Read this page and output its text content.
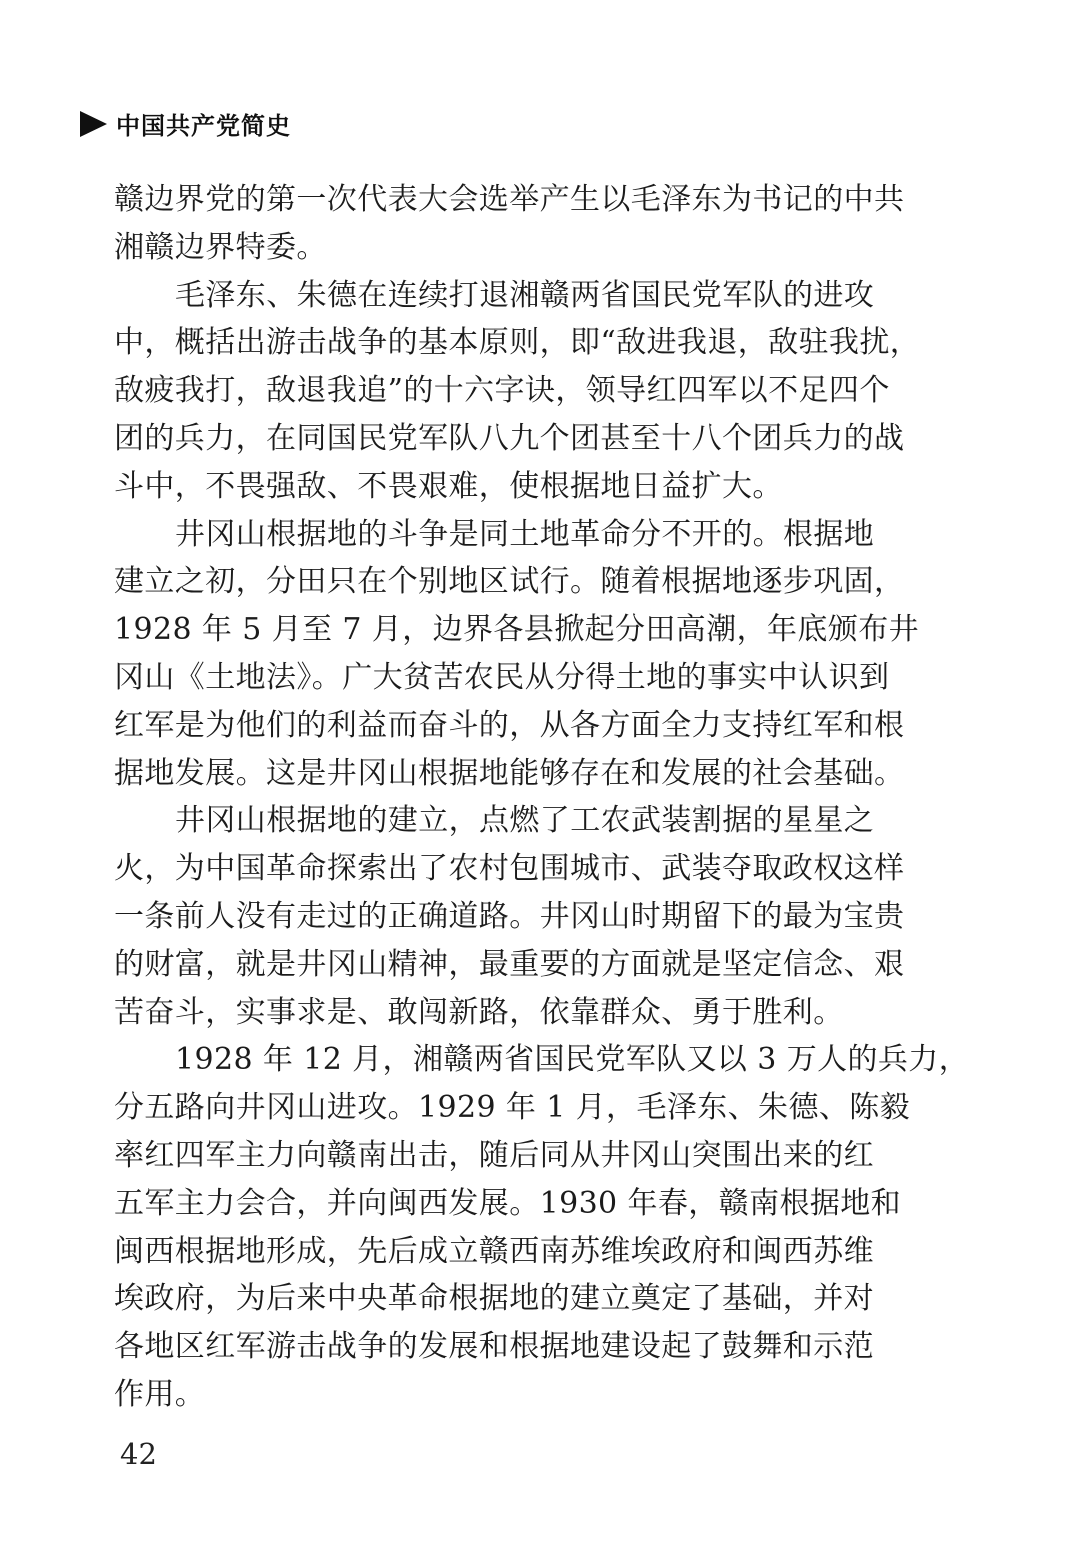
中国共产党简史
赣边界党的第一次代表大会选举产生以毛泽东为书记的中共
湘赣边界特委。
毛泽东、朱德在连续打退湘赣两省国民党军队的进攻
中，概括出游击战争的基本原则，即“敌进我退，敌驻我扰，
敌疲我打，敌退我追”的十六字诀，领导红四军以不足四个
团的兵力，在同国民党军队八九个团甚至十八个团兵力的战
斗中，不畏强敌、不畏艰难，使根据地日益扩大。
井冈山根据地的斗争是同土地革命分不开的。根据地
建立之初，分田只在个别地区试行。随着根据地逐步巩固，
1928 年 5 月至 7 月，边界各县掀起分田高潮，年底颁布井
冈山《土地法》。广大贫苦农民从分得土地的事实中认识到
红军是为他们的利益而奋斗的，从各方面全力支持红军和根
据地发展。这是井冈山根据地能够存在和发展的社会基础。
井冈山根据地的建立，点燃了工农武装割据的星星之
火，为中国革命探索出了农村包围城市、武装夺取政权这样
一条前人没有走过的正确道路。井冈山时期留下的最为宝贵
的财富，就是井冈山精神，最重要的方面就是坚定信念、艰
苦奋斗，实事求是、敢闯新路，依靠群众、勇于胜利。
1928 年 12 月，湘赣两省国民党军队又以 3 万人的兵力，
分五路向井冈山进攻。1929 年 1 月，毛泽东、朱德、陈毅
率红四军主力向赣南出击，随后同从井冈山突围出来的红
五军主力会合，并向闽西发展。1930 年春，赣南根据地和
闽西根据地形成，先后成立赣西南苏维埃政府和闽西苏维
埃政府，为后来中央革命根据地的建立奠定了基础，并对
各地区红军游击战争的发展和根据地建设起了鼓舞和示范
作用。
42
